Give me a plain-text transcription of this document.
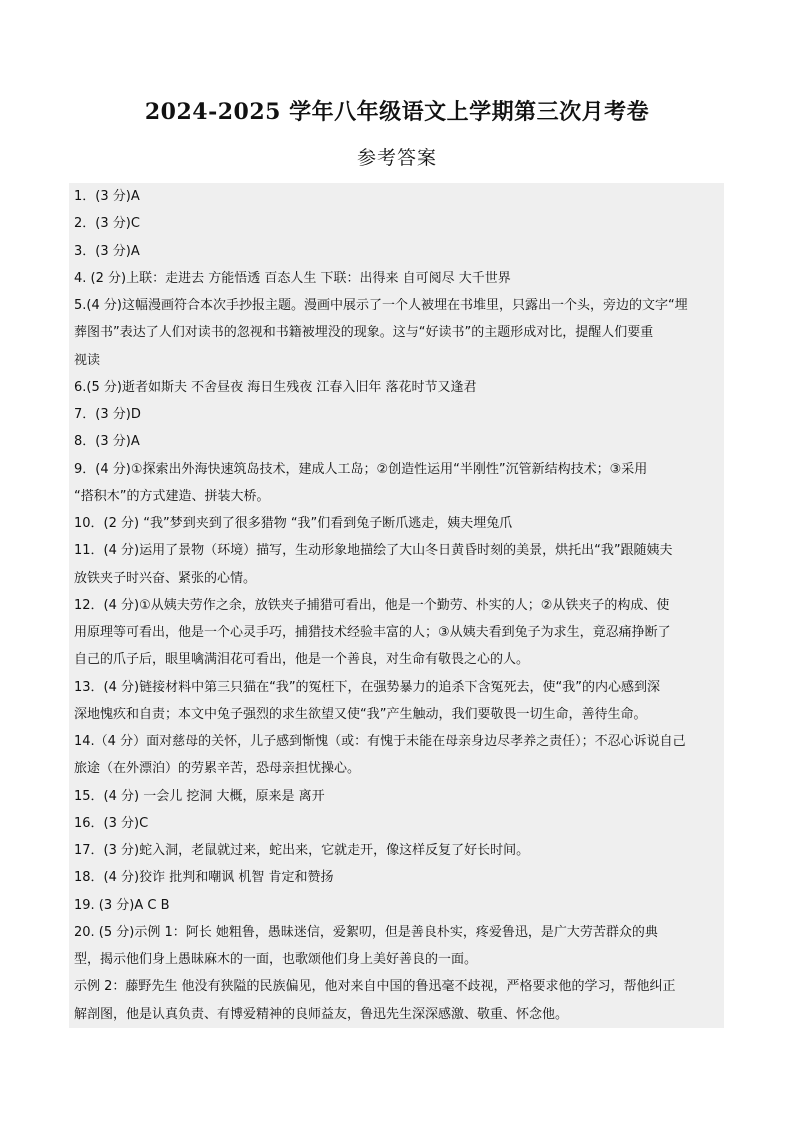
2024-2025 学年八年级语文上学期第三次月考卷
参考答案
1．(3 分)A
2．(3 分)C
3．(3 分)A
4. (2 分)上联：走进去 方能悟透 百态人生 下联：出得来 自可阅尽 大千世界
5.(4 分)这幅漫画符合本次手抄报主题。漫画中展示了一个人被埋在书堆里，只露出一个头，旁边的文字“埋
葬图书”表达了人们对读书的忽视和书籍被埋没的现象。这与“好读书”的主题形成对比，提醒人们要重
视读
6.(5 分)逝者如斯夫 不舍昼夜 海日生残夜 江春入旧年 落花时节又逢君
7．(3 分)D
8．(3 分)A
9．(4 分)①探索出外海快速筑岛技术，建成人工岛；②创造性运用“半刚性”沉管新结构技术；③采用
“搭积木”的方式建造、拼装大桥。
10．(2 分) “我”梦到夹到了很多猎物 “我”们看到兔子断爪逃走，姨夫埋兔爪
11．(4 分)运用了景物（环境）描写，生动形象地描绘了大山冬日黄昏时刻的美景，烘托出“我”跟随姨夫
放铁夹子时兴奋、紧张的心情。
12．(4 分)①从姨夫劳作之余，放铁夹子捕猎可看出，他是一个勤劳、朴实的人；②从铁夹子的构成、使
用原理等可看出，他是一个心灵手巧，捕猎技术经验丰富的人；③从姨夫看到兔子为求生，竟忍痛挣断了
自己的爪子后，眼里噙满泪花可看出，他是一个善良，对生命有敬畏之心的人。
13．(4 分)链接材料中第三只猫在“我”的冤枉下，在强势暴力的追杀下含冤死去，使“我”的内心感到深
深地愧疚和自责；本文中兔子强烈的求生欲望又使“我”产生触动，我们要敬畏一切生命，善待生命。
14.（4 分）面对慈母的关怀，儿子感到惭愧（或：有愧于未能在母亲身边尽孝养之责任）；不忍心诉说自己
旅途（在外漂泊）的劳累辛苦，恐母亲担忧操心。
15．(4 分) 一会儿 挖洞 大概，原来是 离开
16．(3 分)C
17．(3 分)蛇入洞，老鼠就过来，蛇出来，它就走开，像这样反复了好长时间。
18．(4 分)狡诈 批判和嘲讽 机智 肯定和赞扬
19. (3 分)A C B
20. (5 分)示例 1：阿长 她粗鲁，愚昧迷信，爱絮叨，但是善良朴实，疼爱鲁迅，是广大劳苦群众的典
型，揭示他们身上愚昧麻木的一面，也歌颂他们身上美好善良的一面。
示例 2：藤野先生 他没有狭隘的民族偏见，他对来自中国的鲁迅毫不歧视，严格要求他的学习，帮他纠正
解剖图，他是认真负责、有博爱精神的良师益友，鲁迅先生深深感激、敬重、怀念他。
